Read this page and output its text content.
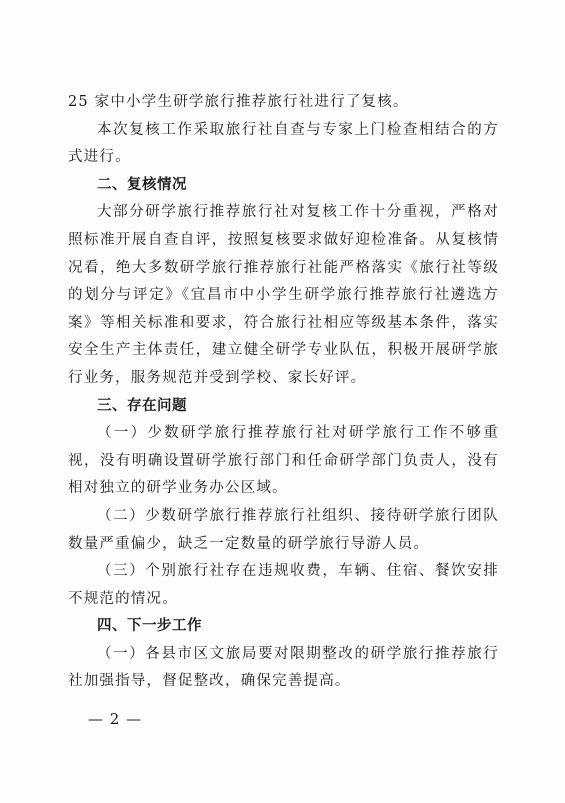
25 家中小学生研学旅行推荐旅行社进行了复核。

本次复核工作采取旅行社自查与专家上门检查相结合的方式进行。

二、复核情况

大部分研学旅行推荐旅行社对复核工作十分重视，严格对照标准开展自查自评，按照复核要求做好迎检准备。从复核情况看，绝大多数研学旅行推荐旅行社能严格落实《旅行社等级的划分与评定》《宜昌市中小学生研学旅行推荐旅行社遴选方案》等相关标准和要求，符合旅行社相应等级基本条件，落实安全生产主体责任，建立健全研学专业队伍，积极开展研学旅行业务，服务规范并受到学校、家长好评。

三、存在问题

（一）少数研学旅行推荐旅行社对研学旅行工作不够重视，没有明确设置研学旅行部门和任命研学部门负责人，没有相对独立的研学业务办公区域。

（二）少数研学旅行推荐旅行社组织、接待研学旅行团队数量严重偏少，缺乏一定数量的研学旅行导游人员。

（三）个别旅行社存在违规收费，车辆、住宿、餐饮安排不规范的情况。

四、下一步工作

（一）各县市区文旅局要对限期整改的研学旅行推荐旅行社加强指导，督促整改，确保完善提高。

— 2 —
